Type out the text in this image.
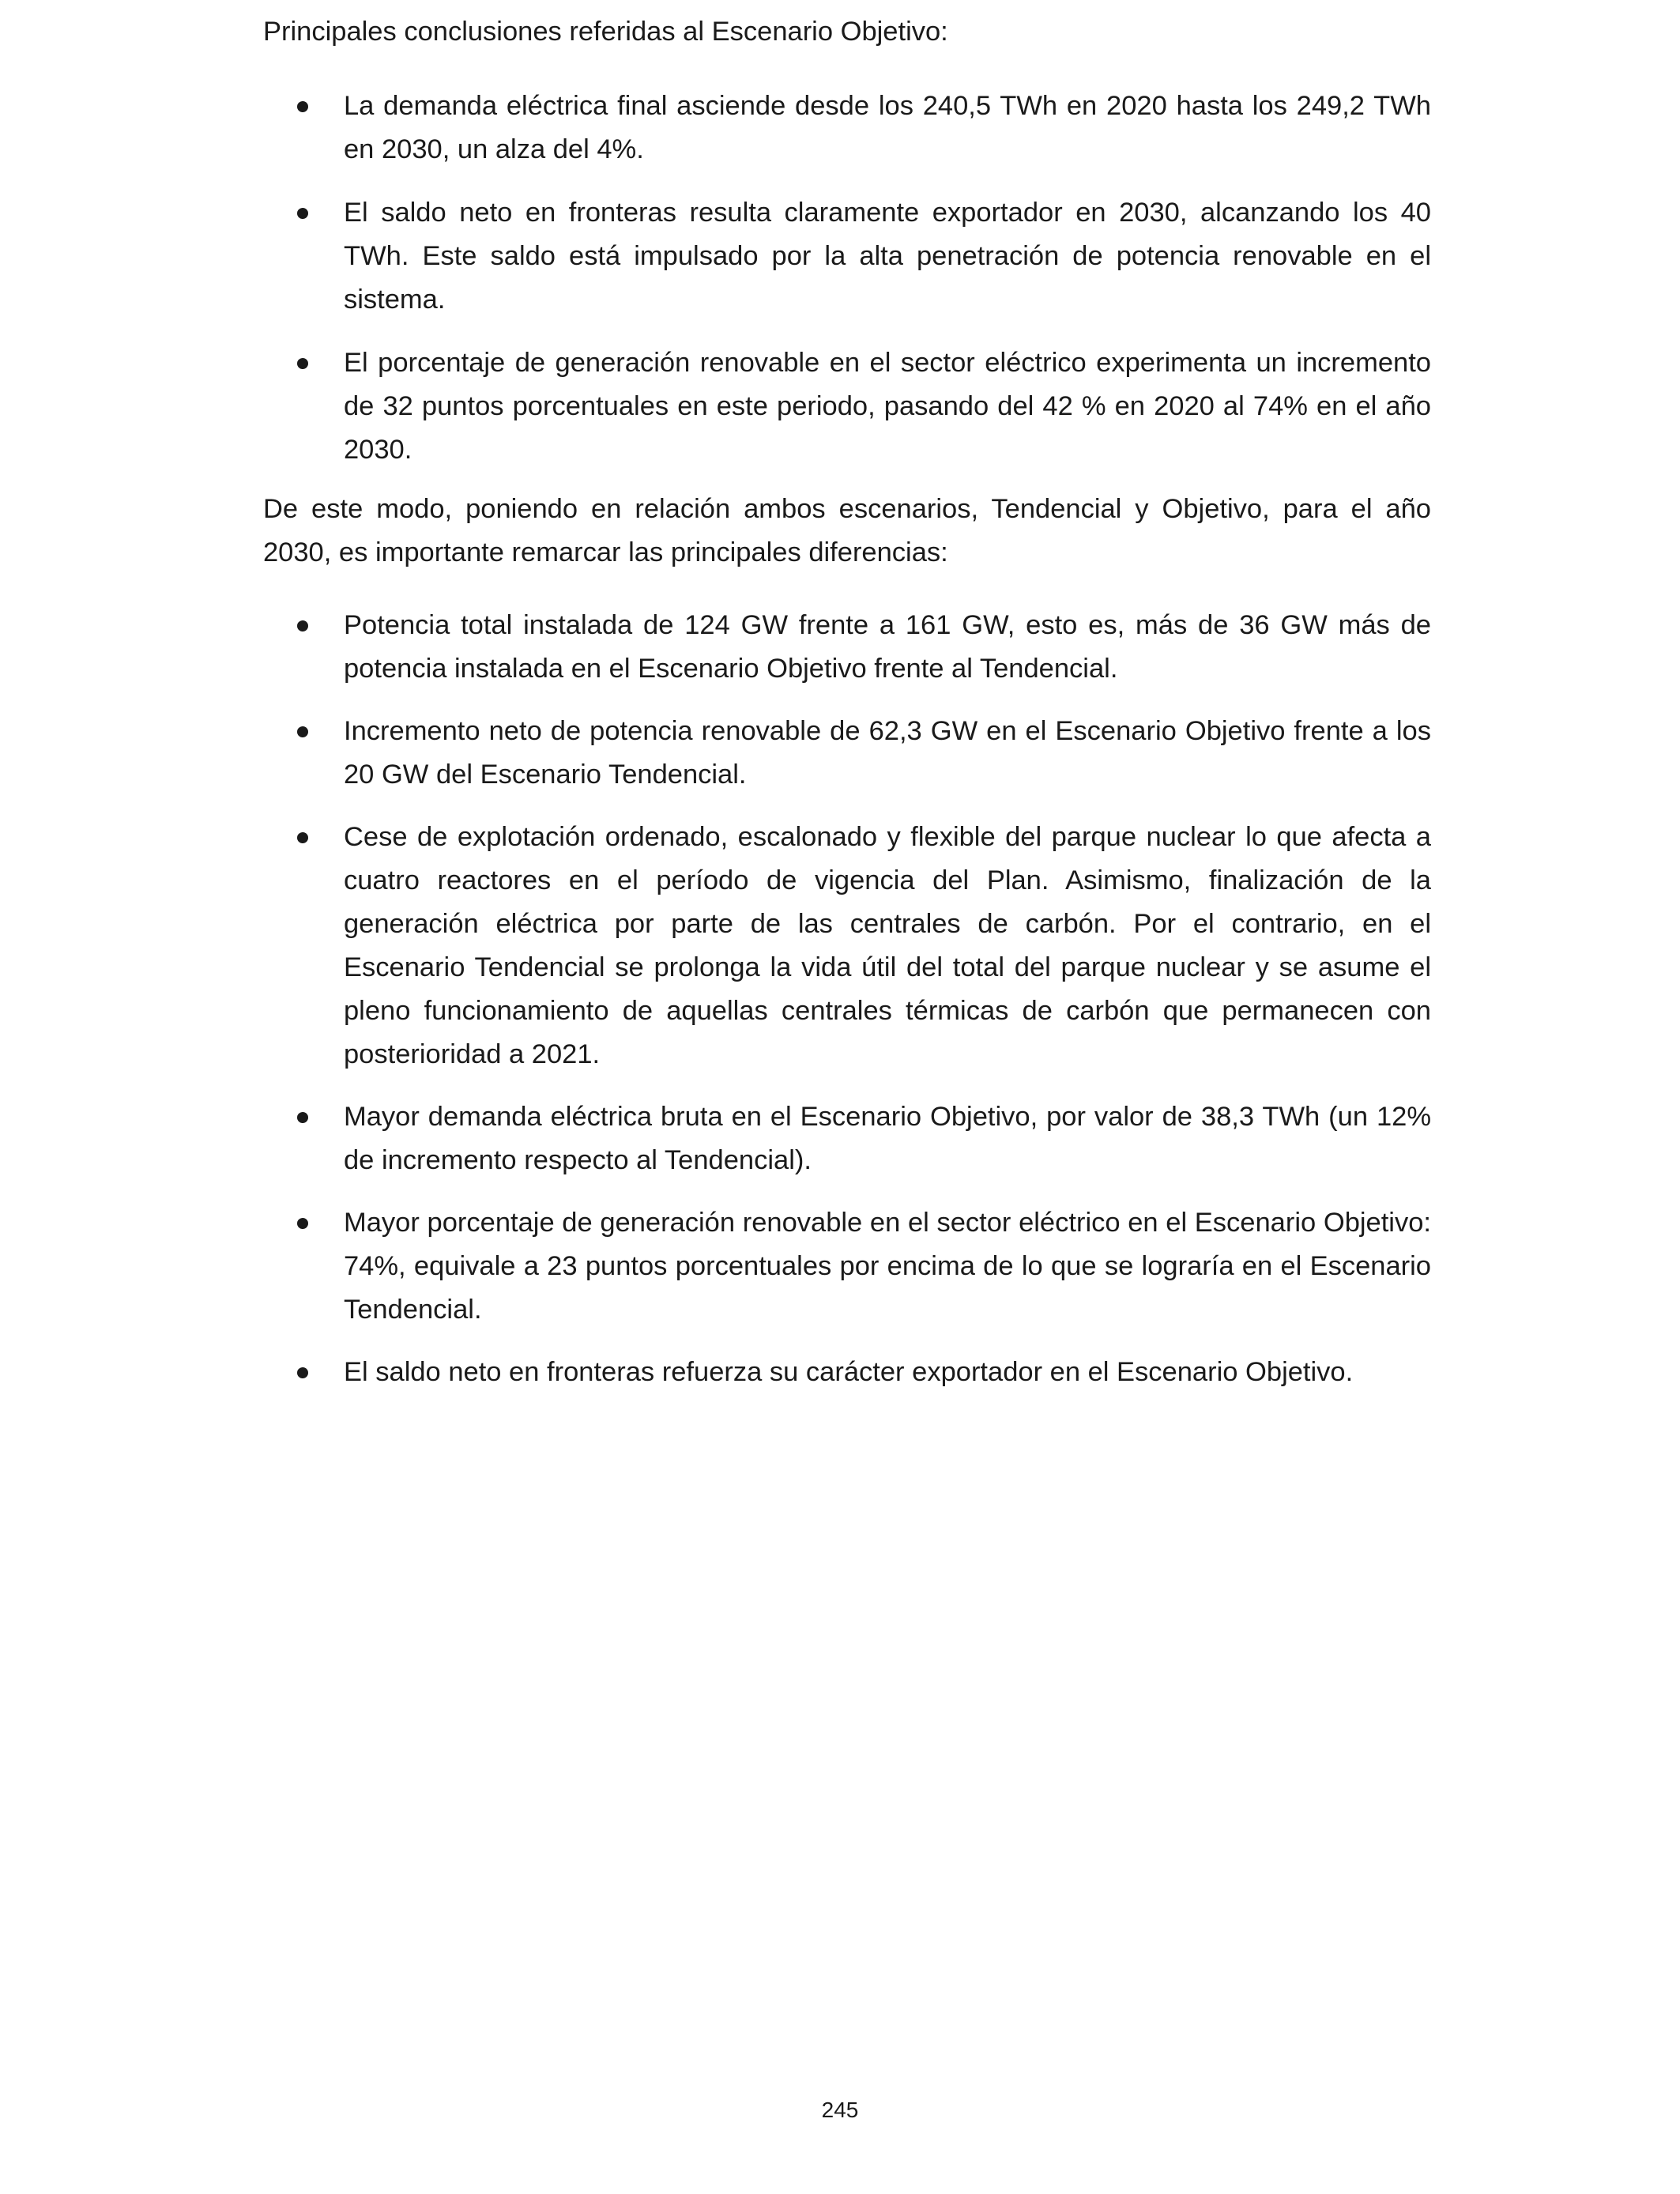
Principales conclusiones referidas al Escenario Objetivo:

La demanda eléctrica final asciende desde los 240,5 TWh en 2020 hasta los 249,2 TWh en 2030, un alza del 4%.
El saldo neto en fronteras resulta claramente exportador en 2030, alcanzando los 40 TWh. Este saldo está impulsado por la alta penetración de potencia renovable en el sistema.
El porcentaje de generación renovable en el sector eléctrico experimenta un incremento de 32 puntos porcentuales en este periodo, pasando del 42 % en 2020 al 74% en el año 2030.

De este modo, poniendo en relación ambos escenarios, Tendencial y Objetivo, para el año 2030, es importante remarcar las principales diferencias:

Potencia total instalada de 124 GW frente a 161 GW, esto es, más de 36 GW más de potencia instalada en el Escenario Objetivo frente al Tendencial.
Incremento neto de potencia renovable de 62,3 GW en el Escenario Objetivo frente a los 20 GW del Escenario Tendencial.
Cese de explotación ordenado, escalonado y flexible del parque nuclear lo que afecta a cuatro reactores en el período de vigencia del Plan. Asimismo, finalización de la generación eléctrica por parte de las centrales de carbón. Por el contrario, en el Escenario Tendencial se prolonga la vida útil del total del parque nuclear y se asume el pleno funcionamiento de aquellas centrales térmicas de carbón que permanecen con posterioridad a 2021.
Mayor demanda eléctrica bruta en el Escenario Objetivo, por valor de 38,3 TWh (un 12% de incremento respecto al Tendencial).
Mayor porcentaje de generación renovable en el sector eléctrico en el Escenario Objetivo: 74%, equivale a 23 puntos porcentuales por encima de lo que se lograría en el Escenario Tendencial.
El saldo neto en fronteras refuerza su carácter exportador en el Escenario Objetivo.
245
